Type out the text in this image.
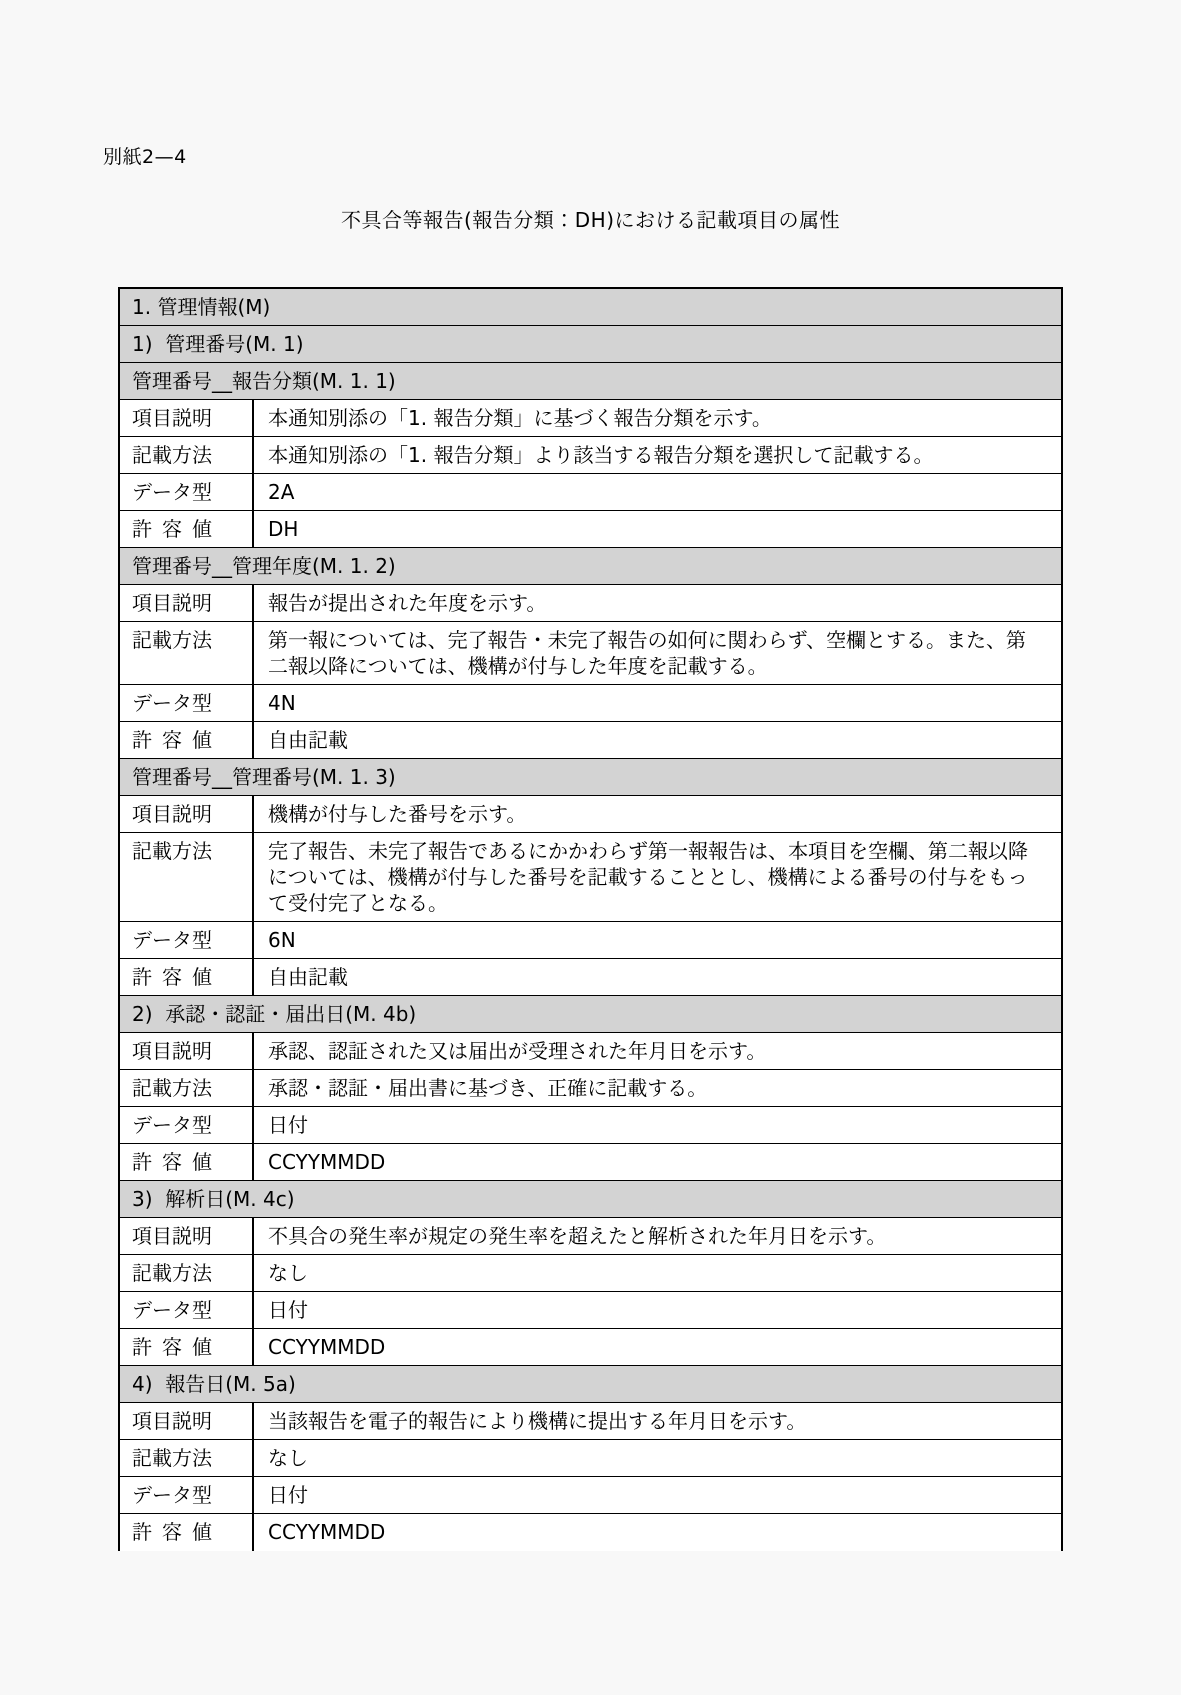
別紙2—4
不具合等報告(報告分類：DH)における記載項目の属性
1. 管理情報(M)
1)  管理番号(M. 1)
管理番号__報告分類(M. 1. 1)
項目説明	本通知別添の「1. 報告分類」に基づく報告分類を示す。
記載方法	本通知別添の「1. 報告分類」より該当する報告分類を選択して記載する。
データ型	2A
許容値	DH
管理番号__管理年度(M. 1. 2)
項目説明	報告が提出された年度を示す。
記載方法	第一報については、完了報告・未完了報告の如何に関わらず、空欄とする。また、第二報以降については、機構が付与した年度を記載する。
データ型	4N
許容値	自由記載
管理番号__管理番号(M. 1. 3)
項目説明	機構が付与した番号を示す。
記載方法	完了報告、未完了報告であるにかかわらず第一報報告は、本項目を空欄、第二報以降については、機構が付与した番号を記載することとし、機構による番号の付与をもって受付完了となる。
データ型	6N
許容値	自由記載
2)  承認・認証・届出日(M. 4b)
項目説明	承認、認証された又は届出が受理された年月日を示す。
記載方法	承認・認証・届出書に基づき、正確に記載する。
データ型	日付
許容値	CCYYMMDD
3)  解析日(M. 4c)
項目説明	不具合の発生率が規定の発生率を超えたと解析された年月日を示す。
記載方法	なし
データ型	日付
許容値	CCYYMMDD
4)  報告日(M. 5a)
項目説明	当該報告を電子的報告により機構に提出する年月日を示す。
記載方法	なし
データ型	日付
許容値	CCYYMMDD
